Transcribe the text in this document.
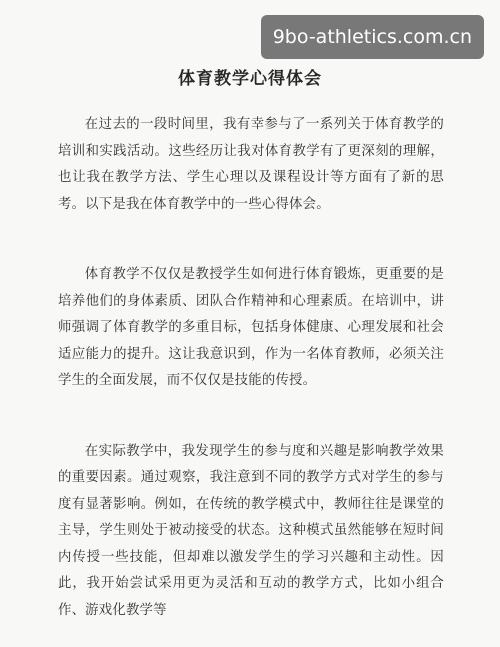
9bo-athletics.com.cn
体育教学心得体会

在过去的一段时间里，我有幸参与了一系列关于体育教学的培训和实践活动。这些经历让我对体育教学有了更深刻的理解，也让我在教学方法、学生心理以及课程设计等方面有了新的思考。以下是我在体育教学中的一些心得体会。

体育教学不仅仅是教授学生如何进行体育锻炼，更重要的是培养他们的身体素质、团队合作精神和心理素质。在培训中，讲师强调了体育教学的多重目标，包括身体健康、心理发展和社会适应能力的提升。这让我意识到，作为一名体育教师，必须关注学生的全面发展，而不仅仅是技能的传授。

在实际教学中，我发现学生的参与度和兴趣是影响教学效果的重要因素。通过观察，我注意到不同的教学方式对学生的参与度有显著影响。例如，在传统的教学模式中，教师往往是课堂的主导，学生则处于被动接受的状态。这种模式虽然能够在短时间内传授一些技能，但却难以激发学生的学习兴趣和主动性。因此，我开始尝试采用更为灵活和互动的教学方式，比如小组合作、游戏化教学等
